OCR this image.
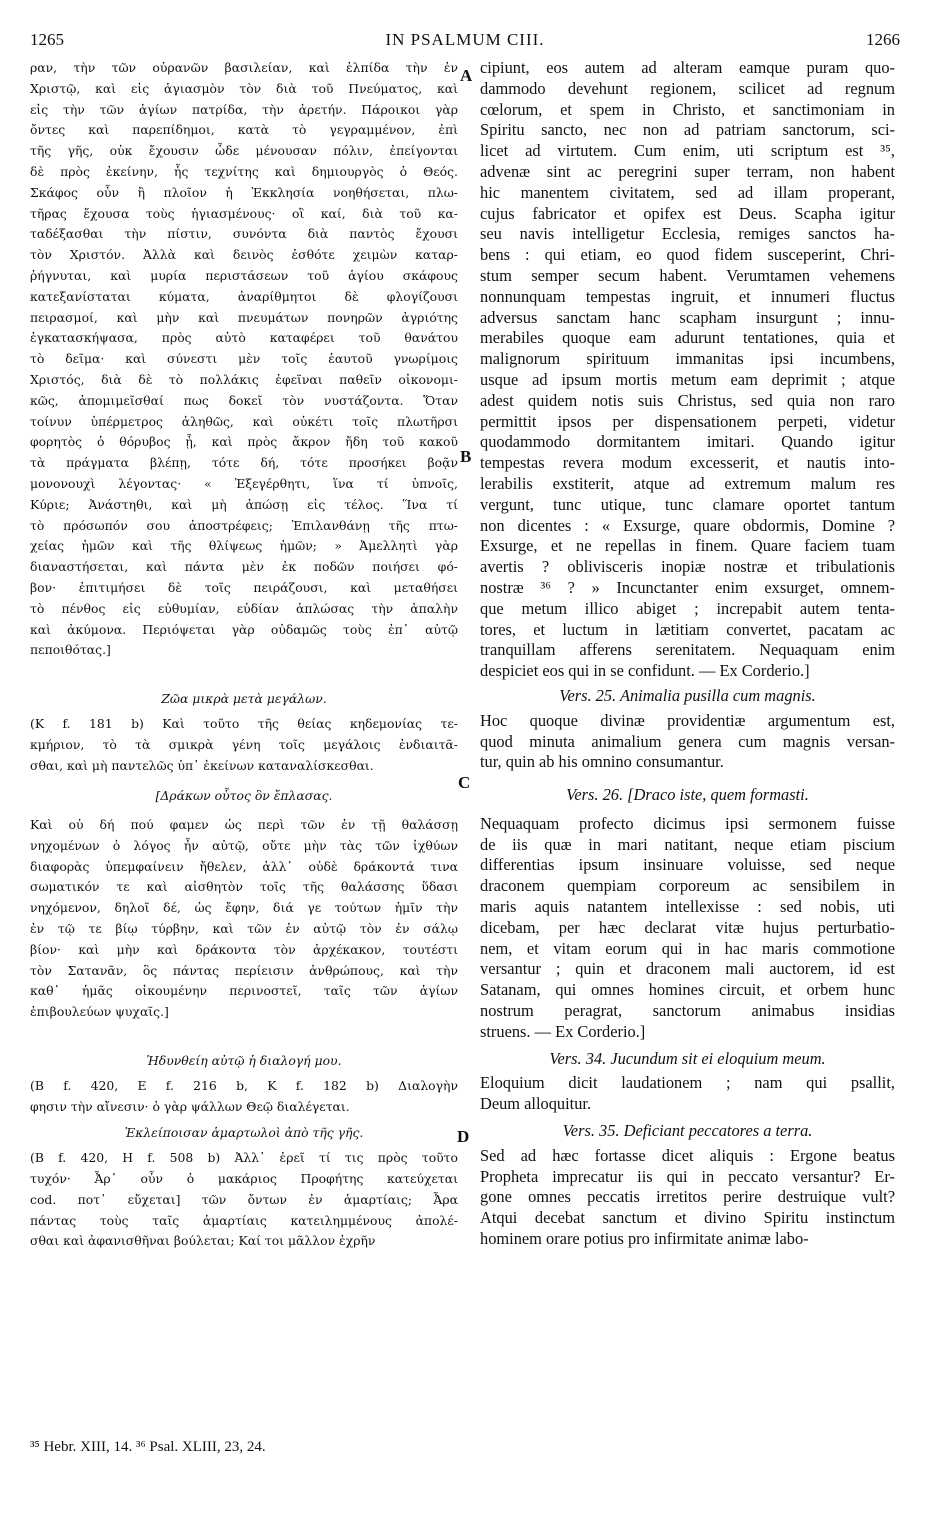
1265	IN PSALMUM CIII.	1266
A
B
C
D
ραν, τὴν τῶν οὐρανῶν βασιλείαν, καὶ ἐλπίδα τὴν ἐν
Χριστῷ, καὶ εἰς ἁγιασμὸν τὸν διὰ τοῦ Πνεύματος, καὶ
εἰς τὴν τῶν ἁγίων πατρίδα, τὴν ἀρετήν. Πάροικοι γὰρ
ὄντες καὶ παρεπίδημοι, κατὰ τὸ γεγραμμένον, ἐπὶ
τῆς γῆς, οὐκ ἔχουσιν ὧδε μένουσαν πόλιν, ἐπείγονται
δὲ πρὸς ἐκείνην, ἧς τεχνίτης καὶ δημιουργὸς ὁ Θεός.
Σκάφος οὖν ἢ πλοῖον ἡ Ἐκκλησία νοηθήσεται, πλω-
τῆρας ἔχουσα τοὺς ἡγιασμένους· οἳ καί, διὰ τοῦ κα-
ταδέξασθαι τὴν πίστιν, συνόντα διὰ παντὸς ἔχουσι
τὸν Χριστόν. Ἀλλὰ καὶ δεινὸς ἐσθότε χειμὼν καταρ-
ῥήγνυται, καὶ μυρία περιστάσεων τοῦ ἁγίου σκάφους
κατεξανίσταται κύματα, ἀναρίθμητοι δὲ φλογίζουσι
πειρασμοί, καὶ μὴν καὶ πνευμάτων πονηρῶν ἀγριότης
ἐγκατασκήψασα, πρὸς αὐτὸ καταφέρει τοῦ θανάτου
τὸ δεῖμα· καὶ σύνεστι μὲν τοῖς ἑαυτοῦ γνωρίμοις
Χριστός, διὰ δὲ τὸ πολλάκις ἐφεῖναι παθεῖν οἰκονομι-
κῶς, ἀπομιμεῖσθαί πως δοκεῖ τὸν νυστάζοντα. Ὅταν
τοίνυν ὑπέρμετρος ἀληθῶς, καὶ οὐκέτι τοῖς πλωτῆρσι
φορητὸς ὁ θόρυβος ᾖ, καὶ πρὸς ἄκρον ἤδη τοῦ κακοῦ
τὰ πράγματα βλέπῃ, τότε δή, τότε προσήκει βοᾷν
μονονουχὶ λέγοντας· « Ἐξεγέρθητι, ἵνα τί ὑπνοῖς,
Κύριε; Ἀνάστηθι, καὶ μὴ ἀπώσῃ εἰς τέλος. Ἵνα τί
τὸ πρόσωπόν σου ἀποστρέφεις; Ἐπιλανθάνῃ τῆς πτω-
χείας ἡμῶν καὶ τῆς θλίψεως ἡμῶν; » Ἀμελλητὶ γὰρ
διαναστήσεται, καὶ πάντα μὲν ἐκ ποδῶν ποιήσει φό-
βον· ἐπιτιμήσει δὲ τοῖς πειράζουσι, καὶ μεταθήσει
τὸ πένθος εἰς εὐθυμίαν, εὐδίαν ἁπλώσας τὴν ἁπαλὴν
καὶ ἀκύμονα. Περιόψεται γὰρ οὐδαμῶς τοὺς ἐπ᾽ αὐτῷ
πεποιθότας.]
Ζῶα μικρὰ μετὰ μεγάλων.
(Κ f. 181 b) Καὶ τοῦτο τῆς θείας κηδεμονίας τε-
κμήριον, τὸ τὰ σμικρὰ γένη τοῖς μεγάλοις ἐνδιαιτᾶ-
σθαι, καὶ μὴ παντελῶς ὑπ᾽ ἐκείνων καταναλίσκεσθαι.
[Δράκων οὗτος ὃν ἔπλασας.
Καὶ οὐ δή πού φαμεν ὡς περὶ τῶν ἐν τῇ θαλάσσῃ
νηχομένων ὁ λόγος ἦν αὐτῷ, οὔτε μὴν τὰς τῶν ἰχθύων
διαφορὰς ὑπεμφαίνειν ἤθελεν, ἀλλ᾽ οὐδὲ δράκοντά τινα
σωματικόν τε καὶ αἰσθητὸν τοῖς τῆς θαλάσσης ὕδασι
νηχόμενον, δηλοῖ δέ, ὡς ἔφην, διά γε τούτων ἡμῖν τὴν
ἐν τῷ τε βίῳ τύρβην, καὶ τῶν ἐν αὐτῷ τὸν ἐν σάλῳ
βίον· καὶ μὴν καὶ δράκοντα τὸν ἀρχέκακον, τουτέστι
τὸν Σατανᾶν, ὃς πάντας περίεισιν ἀνθρώπους, καὶ τὴν
καθ᾽ ἡμᾶς οἰκουμένην περινοστεῖ, ταῖς τῶν ἁγίων
ἐπιβουλεύων ψυχαῖς.]
Ἡδυνθείη αὐτῷ ἡ διαλογή μου.
(Β f. 420, Ε f. 216 b, Κ f. 182 b) Διαλογὴν
φησιν τὴν αἴνεσιν· ὁ γὰρ ψάλλων Θεῷ διαλέγεται.
Ἐκλείποισαν ἁμαρτωλοὶ ἀπὸ τῆς γῆς.
(Β f. 420, Η f. 508 b) Ἀλλ᾽ ἐρεῖ τί τις πρὸς τοῦτο
τυχόν· Ἆρ᾽ οὖν ὁ μακάριος Προφήτης κατεύχεται
cod. ποτ᾽ εὔχεται] τῶν ὄντων ἐν ἁμαρτίαις; Ἆρα
πάντας τοὺς ταῖς ἁμαρτίαις κατειλημμένους ἀπολέ-
σθαι καὶ ἀφανισθῆναι βούλεται; Καί τοι μᾶλλον ἐχρῆν
cipiunt, eos autem ad alteram eamque puram quo-
dammodo devehunt regionem, scilicet ad regnum
cœlorum, et spem in Christo, et sanctimoniam in
Spiritu sancto, nec non ad patriam sanctorum, sci-
licet ad virtutem. Cum enim, uti scriptum est ³⁵,
advenæ sint ac peregrini super terram, non habent
hic manentem civitatem, sed ad illam properant,
cujus fabricator et opifex est Deus. Scapha igitur
seu navis intelligetur Ecclesia, remiges sanctos ha-
bens : qui etiam, eo quod fidem susceperint, Chri-
stum semper secum habent. Verumtamen vehemens
nonnunquam tempestas ingruit, et innumeri fluctus
adversus sanctam hanc scapham insurgunt ; innu-
merabiles quoque eam adurunt tentationes, quia et
malignorum spirituum immanitas ipsi incumbens,
usque ad ipsum mortis metum eam deprimit ; atque
adest quidem notis suis Christus, sed quia non raro
permittit ipsos per dispensationem perpeti, videtur
quodammodo dormitantem imitari. Quando igitur
tempestas revera modum excesserit, et nautis into-
lerabilis exstiterit, atque ad extremum malum res
vergunt, tunc utique, tunc clamare oportet tantum
non dicentes : « Exsurge, quare obdormis, Domine ?
Exsurge, et ne repellas in finem. Quare faciem tuam
avertis ? oblivisceris inopiæ nostræ et tribulationis
nostræ ³⁶ ? » Incunctanter enim exsurget, omnem-
que metum illico abiget ; increpabit autem tenta-
tores, et luctum in lætitiam convertet, pacatam ac
tranquillam afferens serenitatem. Nequaquam enim
despiciet eos qui in se confidunt. — Ex Corderio.]
Vers. 25. Animalia pusilla cum magnis.
Hoc quoque divinæ providentiæ argumentum est,
quod minuta animalium genera cum magnis versan-
tur, quin ab his omnino consumantur.
Vers. 26. [Draco iste, quem formasti.
Nequaquam profecto dicimus ipsi sermonem fuisse
de iis quæ in mari natitant, neque etiam piscium
differentias ipsum insinuare voluisse, sed neque
draconem quempiam corporeum ac sensibilem in
maris aquis natantem intellexisse : sed nobis, uti
dicebam, per hæc declarat vitæ hujus perturbatio-
nem, et vitam eorum qui in hac maris commotione
versantur ; quin et draconem mali auctorem, id est
Satanam, qui omnes homines circuit, et orbem hunc
nostrum peragrat, sanctorum animabus insidias
struens. — Ex Corderio.]
Vers. 34. Jucundum sit ei eloquium meum.
Eloquium dicit laudationem ; nam qui psallit,
Deum alloquitur.
Vers. 35. Deficiant peccatores a terra.
Sed ad hæc fortasse dicet aliquis : Ergone beatus
Propheta imprecatur iis qui in peccato versantur? Er-
gone omnes peccatis irretitos perire destruique vult?
Atqui decebat sanctum et divino Spiritu instinctum
hominem orare potius pro infirmitate animæ labo-
³⁵ Hebr. XIII, 14. ³⁶ Psal. XLIII, 23, 24.
